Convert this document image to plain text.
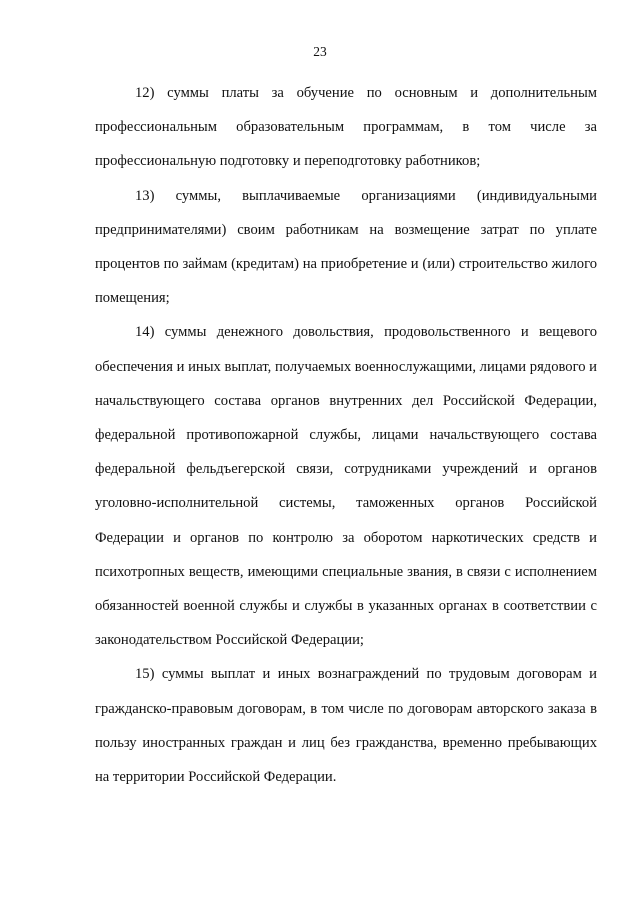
23

12) суммы платы за обучение по основным и дополнительным профессиональным образовательным программам, в том числе за профессиональную подготовку и переподготовку работников;

13) суммы, выплачиваемые организациями (индивидуальными предпринимателями) своим работникам на возмещение затрат по уплате процентов по займам (кредитам) на приобретение и (или) строительство жилого помещения;

14) суммы денежного довольствия, продовольственного и вещевого обеспечения и иных выплат, получаемых военнослужащими, лицами рядового и начальствующего состава органов внутренних дел Российской Федерации, федеральной противопожарной службы, лицами начальствующего состава федеральной фельдъегерской связи, сотрудниками учреждений и органов уголовно-исполнительной системы, таможенных органов Российской Федерации и органов по контролю за оборотом наркотических средств и психотропных веществ, имеющими специальные звания, в связи с исполнением обязанностей военной службы и службы в указанных органах в соответствии с законодательством Российской Федерации;

15) суммы выплат и иных вознаграждений по трудовым договорам и гражданско-правовым договорам, в том числе по договорам авторского заказа в пользу иностранных граждан и лиц без гражданства, временно пребывающих на территории Российской Федерации.
